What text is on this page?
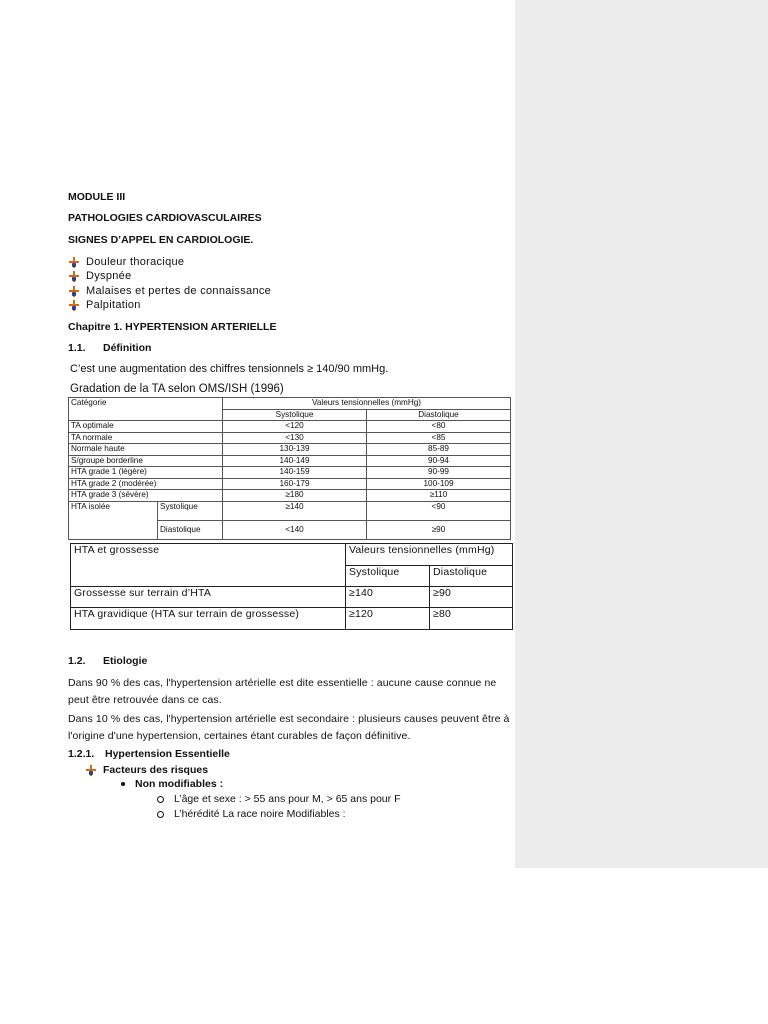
MODULE III
PATHOLOGIES CARDIOVASCULAIRES
SIGNES D’APPEL EN CARDIOLOGIE.
Douleur thoracique
Dyspnée
Malaises et pertes de connaissance
Palpitation
Chapitre 1. HYPERTENSION ARTERIELLE
1.1. Définition
C’est une augmentation des chiffres tensionnels ≥ 140/90 mmHg.
Gradation de la TA selon OMS/ISH (1996)
Catégorie		Valeurs tensionnelles (mmHg)	
		Systolique	Diastolique
TA optimale		<120	<80
TA normale		<130	<85
Normale haute		130-139	85-89
S/groupe borderline		140-149	90-94
HTA grade 1 (légère)		140-159	90-99
HTA grade 2 (modérée)		160-179	100-109
HTA grade 3 (sévère)		≥180	≥110
HTA isolée	Systolique	≥140	<90
	Diastolique	<140	≥90
HTA et grossesse	Valeurs tensionnelles (mmHg)	
	Systolique	Diastolique
Grossesse sur terrain d’HTA	≥140	≥90
HTA gravidique (HTA sur terrain de grossesse)	≥120	≥80
1.2. Etiologie
Dans 90 % des cas, l'hypertension artérielle est dite essentielle : aucune cause connue ne peut être retrouvée dans ce cas.
Dans 10 % des cas, l'hypertension artérielle est secondaire : plusieurs causes peuvent être à l'origine d'une hypertension, certaines étant curables de façon définitive.
1.2.1. Hypertension Essentielle
Facteurs des risques
Non modifiables :
L’âge et sexe : > 55 ans pour M, > 65 ans pour F
L’hérédité La race noire Modifiables :
